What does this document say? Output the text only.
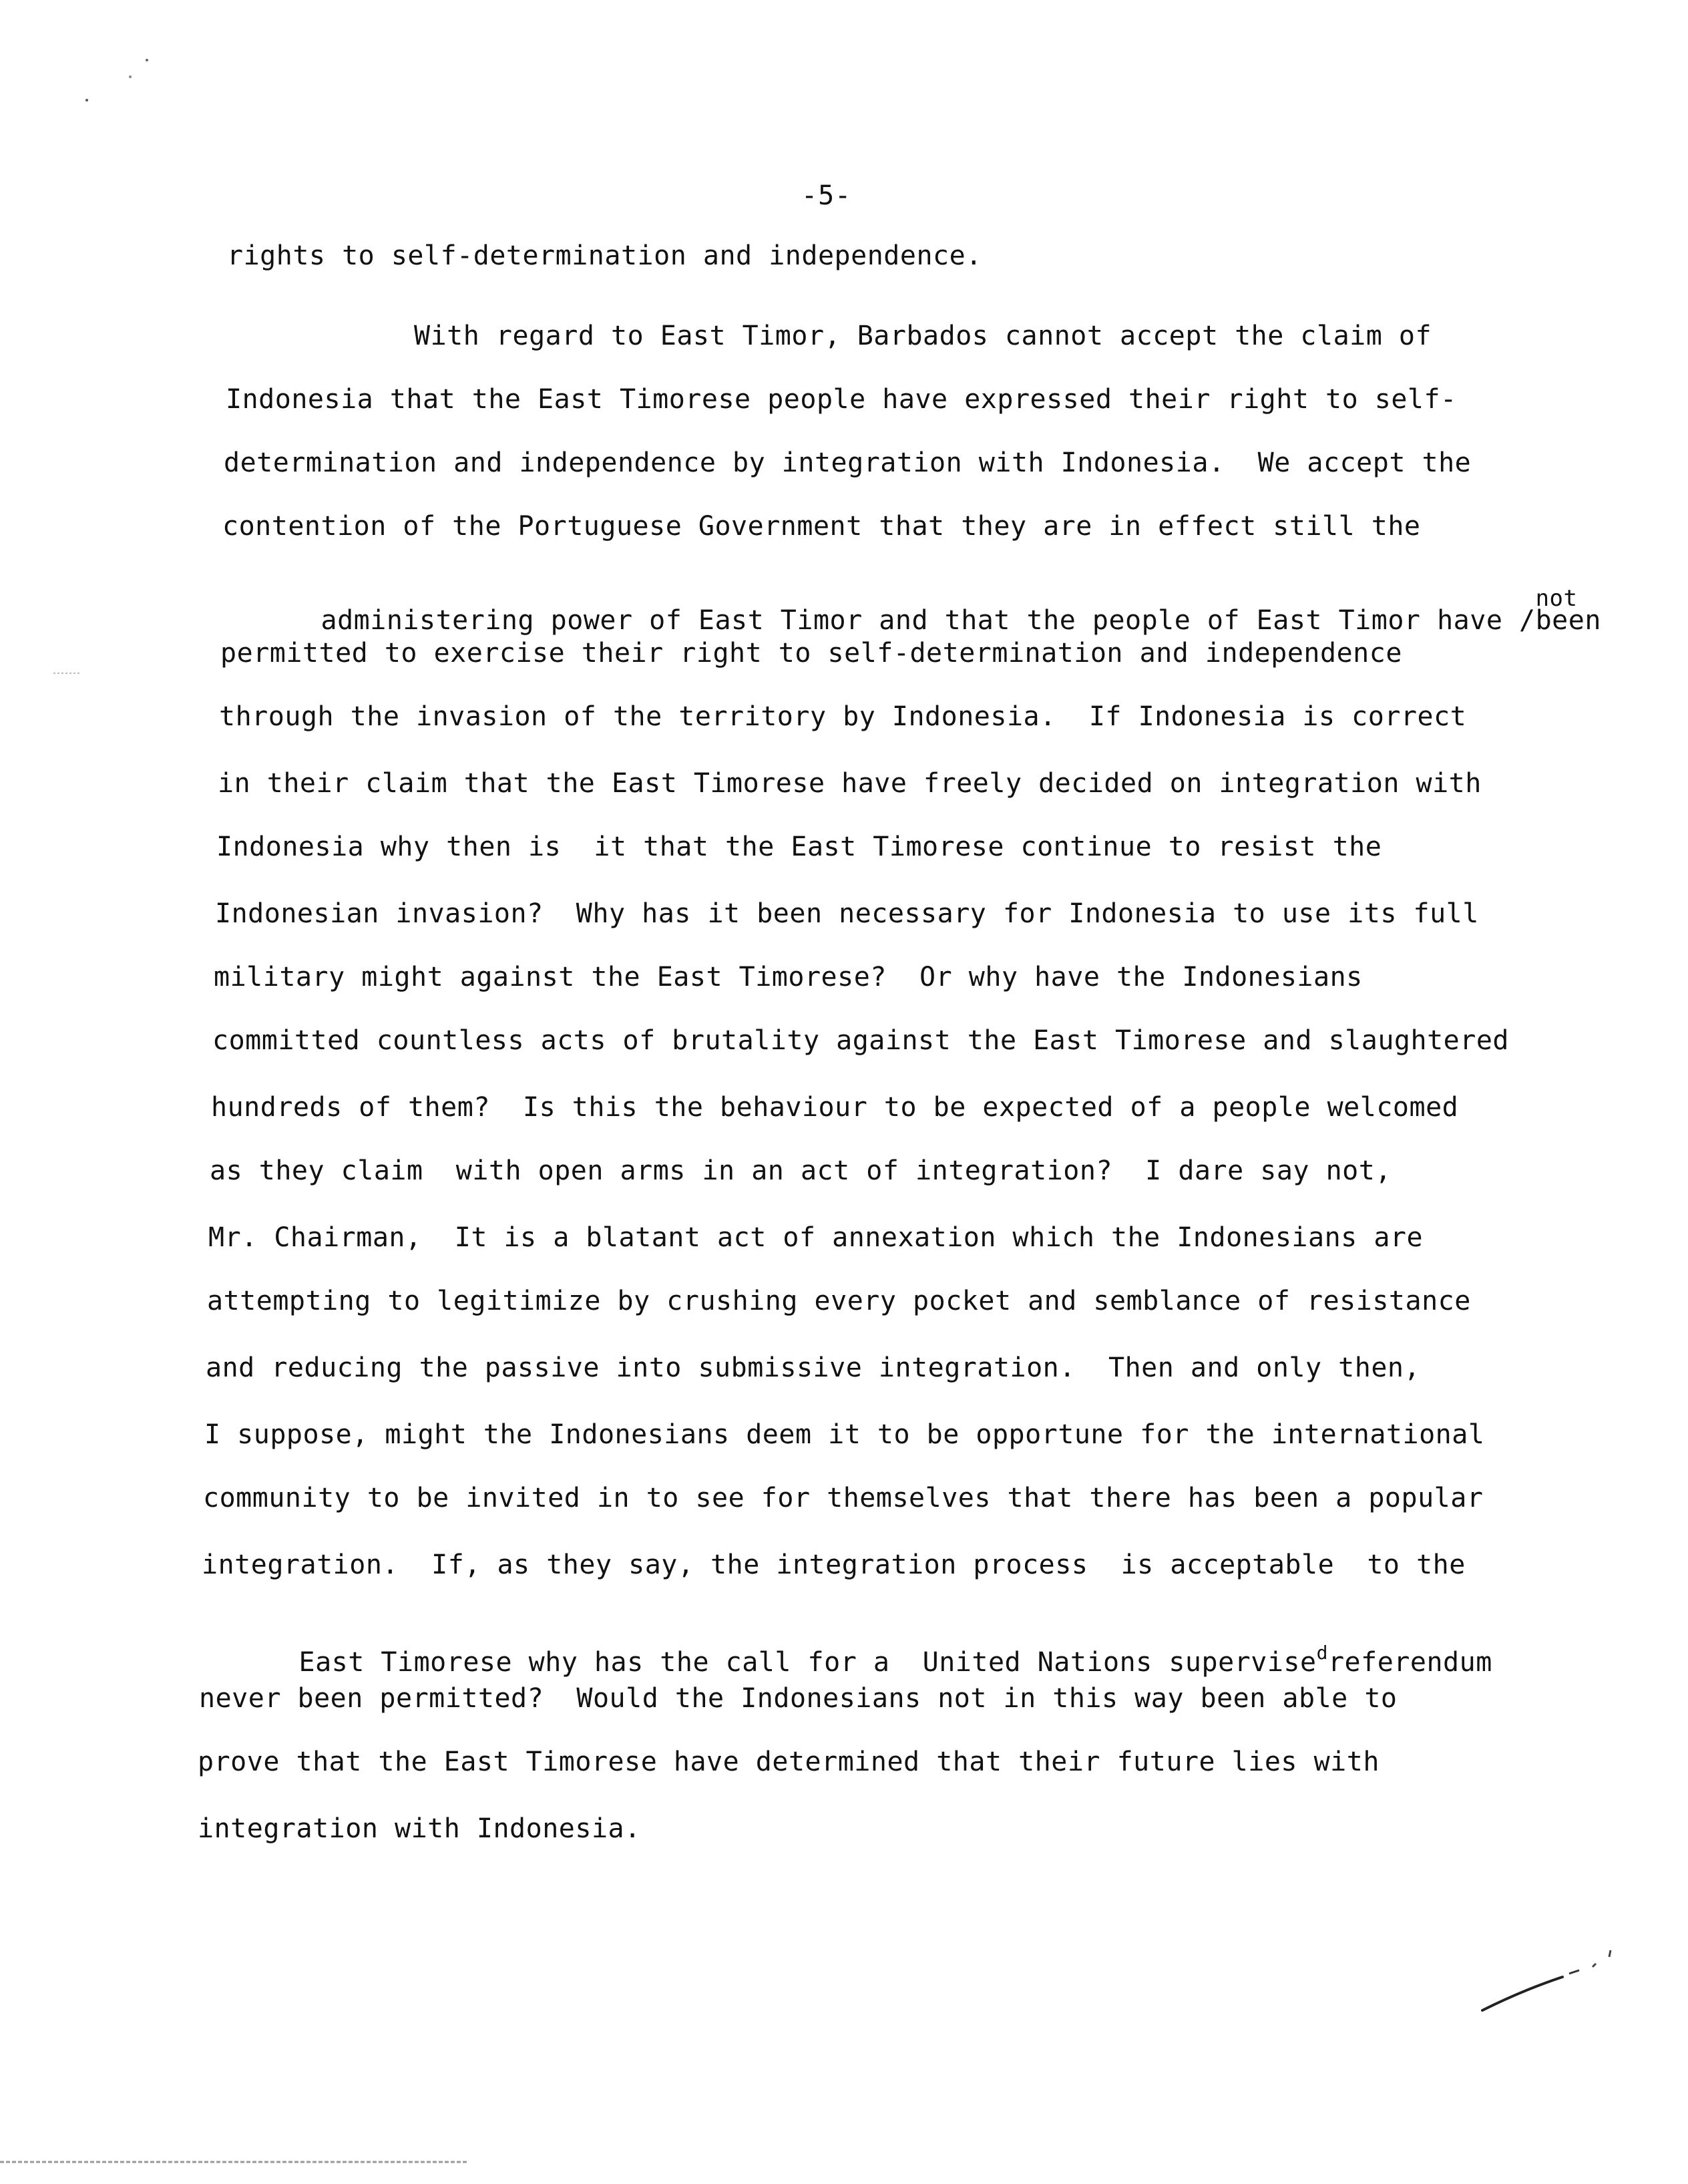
-5-
rights to self-determination and independence.
With regard to East Timor, Barbados cannot accept the claim of
Indonesia that the East Timorese people have expressed their right to self-
determination and independence by integration with Indonesia.  We accept the
contention of the Portuguese Government that they are in effect still the

administering power of East Timor and that the people of East Timor have /
not
been

permitted to exercise their right to self-determination and independence
through the invasion of the territory by Indonesia.  If Indonesia is correct
in their claim that the East Timorese have freely decided on integration with
Indonesia why then is  it that the East Timorese continue to resist the
Indonesian invasion?  Why has it been necessary for Indonesia to use its full
military might against the East Timorese?  Or why have the Indonesians
committed countless acts of brutality against the East Timorese and slaughtered
hundreds of them?  Is this the behaviour to be expected of a people welcomed
as they claim  with open arms in an act of integration?  I dare say not,
Mr. Chairman,  It is a blatant act of annexation which the Indonesians are
attempting to legitimize by crushing every pocket and semblance of resistance
and reducing the passive into submissive integration.  Then and only then,
I suppose, might the Indonesians deem it to be opportune for the international
community to be invited in to see for themselves that there has been a popular
integration.  If, as they say, the integration process  is acceptable  to the

East Timorese why has the call for a  United Nations supervise$^d$referendum

never been permitted?  Would the Indonesians not in this way been able to
prove that the East Timorese have determined that their future lies with
integration with Indonesia.
